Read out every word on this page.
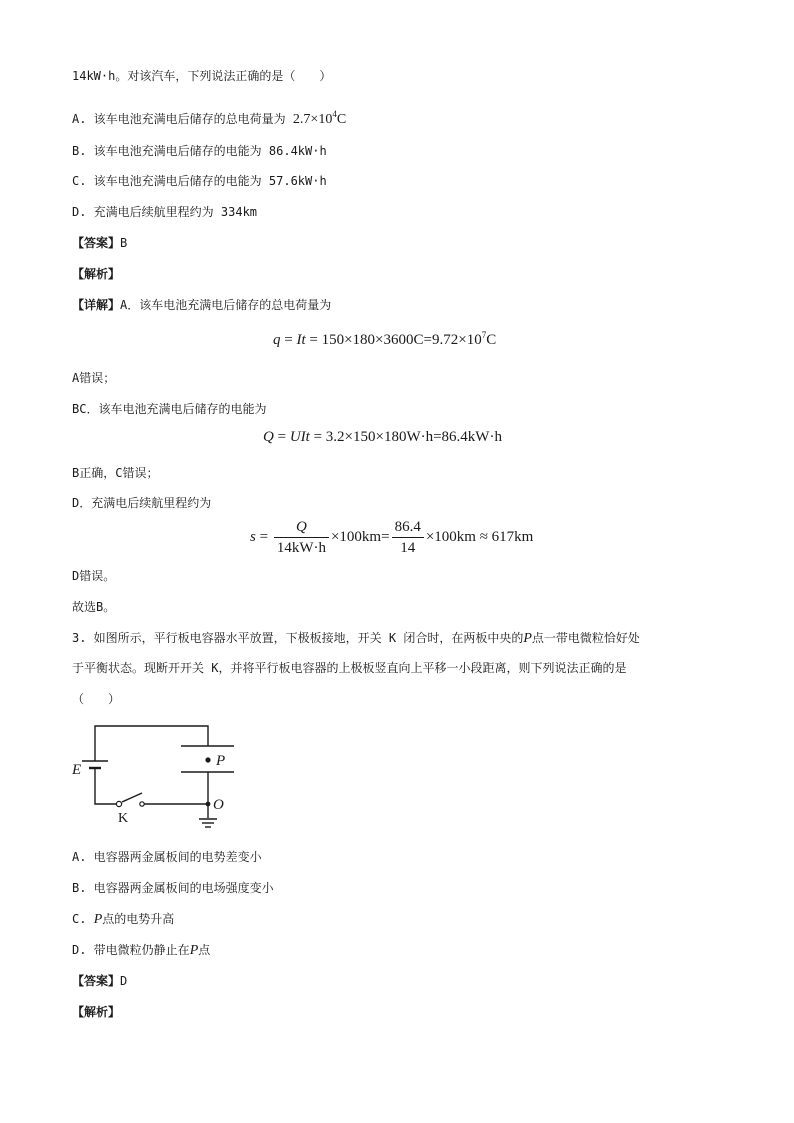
14kW·h。对该汽车，下列说法正确的是（　　）
A. 该车电池充满电后储存的总电荷量为 $2.7\times 10^4C$
B. 该车电池充满电后储存的电能为 86.4kW·h
C. 该车电池充满电后储存的电能为 57.6kW·h
D. 充满电后续航里程约为 334km
【答案】B
【解析】
【详解】A．该车电池充满电后储存的总电荷量为
$q = It = 150\times 180\times 3600C=9.72\times 10^7C$
A错误；
BC．该车电池充满电后储存的电能为
Q = UIt = 3.2×150×180W·h=86.4kW·h
B正确，C错误；
D．充满电后续航里程约为
$s = \frac{Q}{14kW\cdot h} \times 100km= \frac{86.4}{14} \times 100km \approx 617km$
D错误。
故选B。
3. 如图所示，平行板电容器水平放置，下极板接地，开关 K 闭合时，在两板中央的P点一带电微粒恰好处
于平衡状态。现断开开关 K，并将平行板电容器的上极板竖直向上平移一小段距离，则下列说法正确的是
（　　）
E
P
O
K
A. 电容器两金属板间的电势差变小
B. 电容器两金属板间的电场强度变小
C. P点的电势升高
D. 带电微粒仍静止在P点
【答案】D
【解析】
